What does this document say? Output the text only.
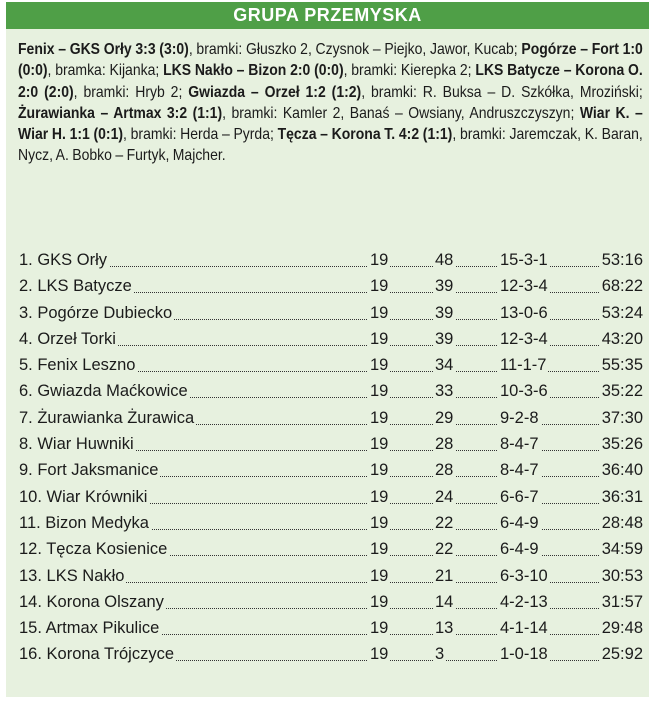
GRUPA PRZEMYSKA
Fenix – GKS Orły 3:3 (3:0), bramki: Głuszko 2, Czysnok – Piejko, Jawor, Kucab; Pogórze – Fort 1:0 (0:0), bramka: Kijanka; LKS Nakło – Bizon 2:0 (0:0), bramki: Kierepka 2; LKS Batycze – Korona O. 2:0 (2:0), bramki: Hryb 2; Gwiazda – Orzeł 1:2 (1:2), bramki: R. Buksa – D. Szkółka, Mroziński; Żurawianka – Artmax 3:2 (1:1), bramki: Kamler 2, Banaś – Owsiany, Andruszczyszyn; Wiar K. – Wiar H. 1:1 (0:1), bramki: Herda – Pyrda; Tęcza – Korona T. 4:2 (1:1), bramki: Jaremczak, K. Baran, Nycz, A. Bobko – Furtyk, Majcher.
1. GKS Orły	19	48	15-3-1	53:16
2. LKS Batycze	19	39	12-3-4	68:22
3. Pogórze Dubiecko	19	39	13-0-6	53:24
4. Orzeł Torki	19	39	12-3-4	43:20
5. Fenix Leszno	19	34	11-1-7	55:35
6. Gwiazda Maćkowice	19	33	10-3-6	35:22
7. Żurawianka Żurawica	19	29	9-2-8	37:30
8. Wiar Huwniki	19	28	8-4-7	35:26
9. Fort Jaksmanice	19	28	8-4-7	36:40
10. Wiar Krówniki	19	24	6-6-7	36:31
11. Bizon Medyka	19	22	6-4-9	28:48
12. Tęcza Kosienice	19	22	6-4-9	34:59
13. LKS Nakło	19	21	6-3-10	30:53
14. Korona Olszany	19	14	4-2-13	31:57
15. Artmax Pikulice	19	13	4-1-14	29:48
16. Korona Trójczyce	19	3	1-0-18	25:92
